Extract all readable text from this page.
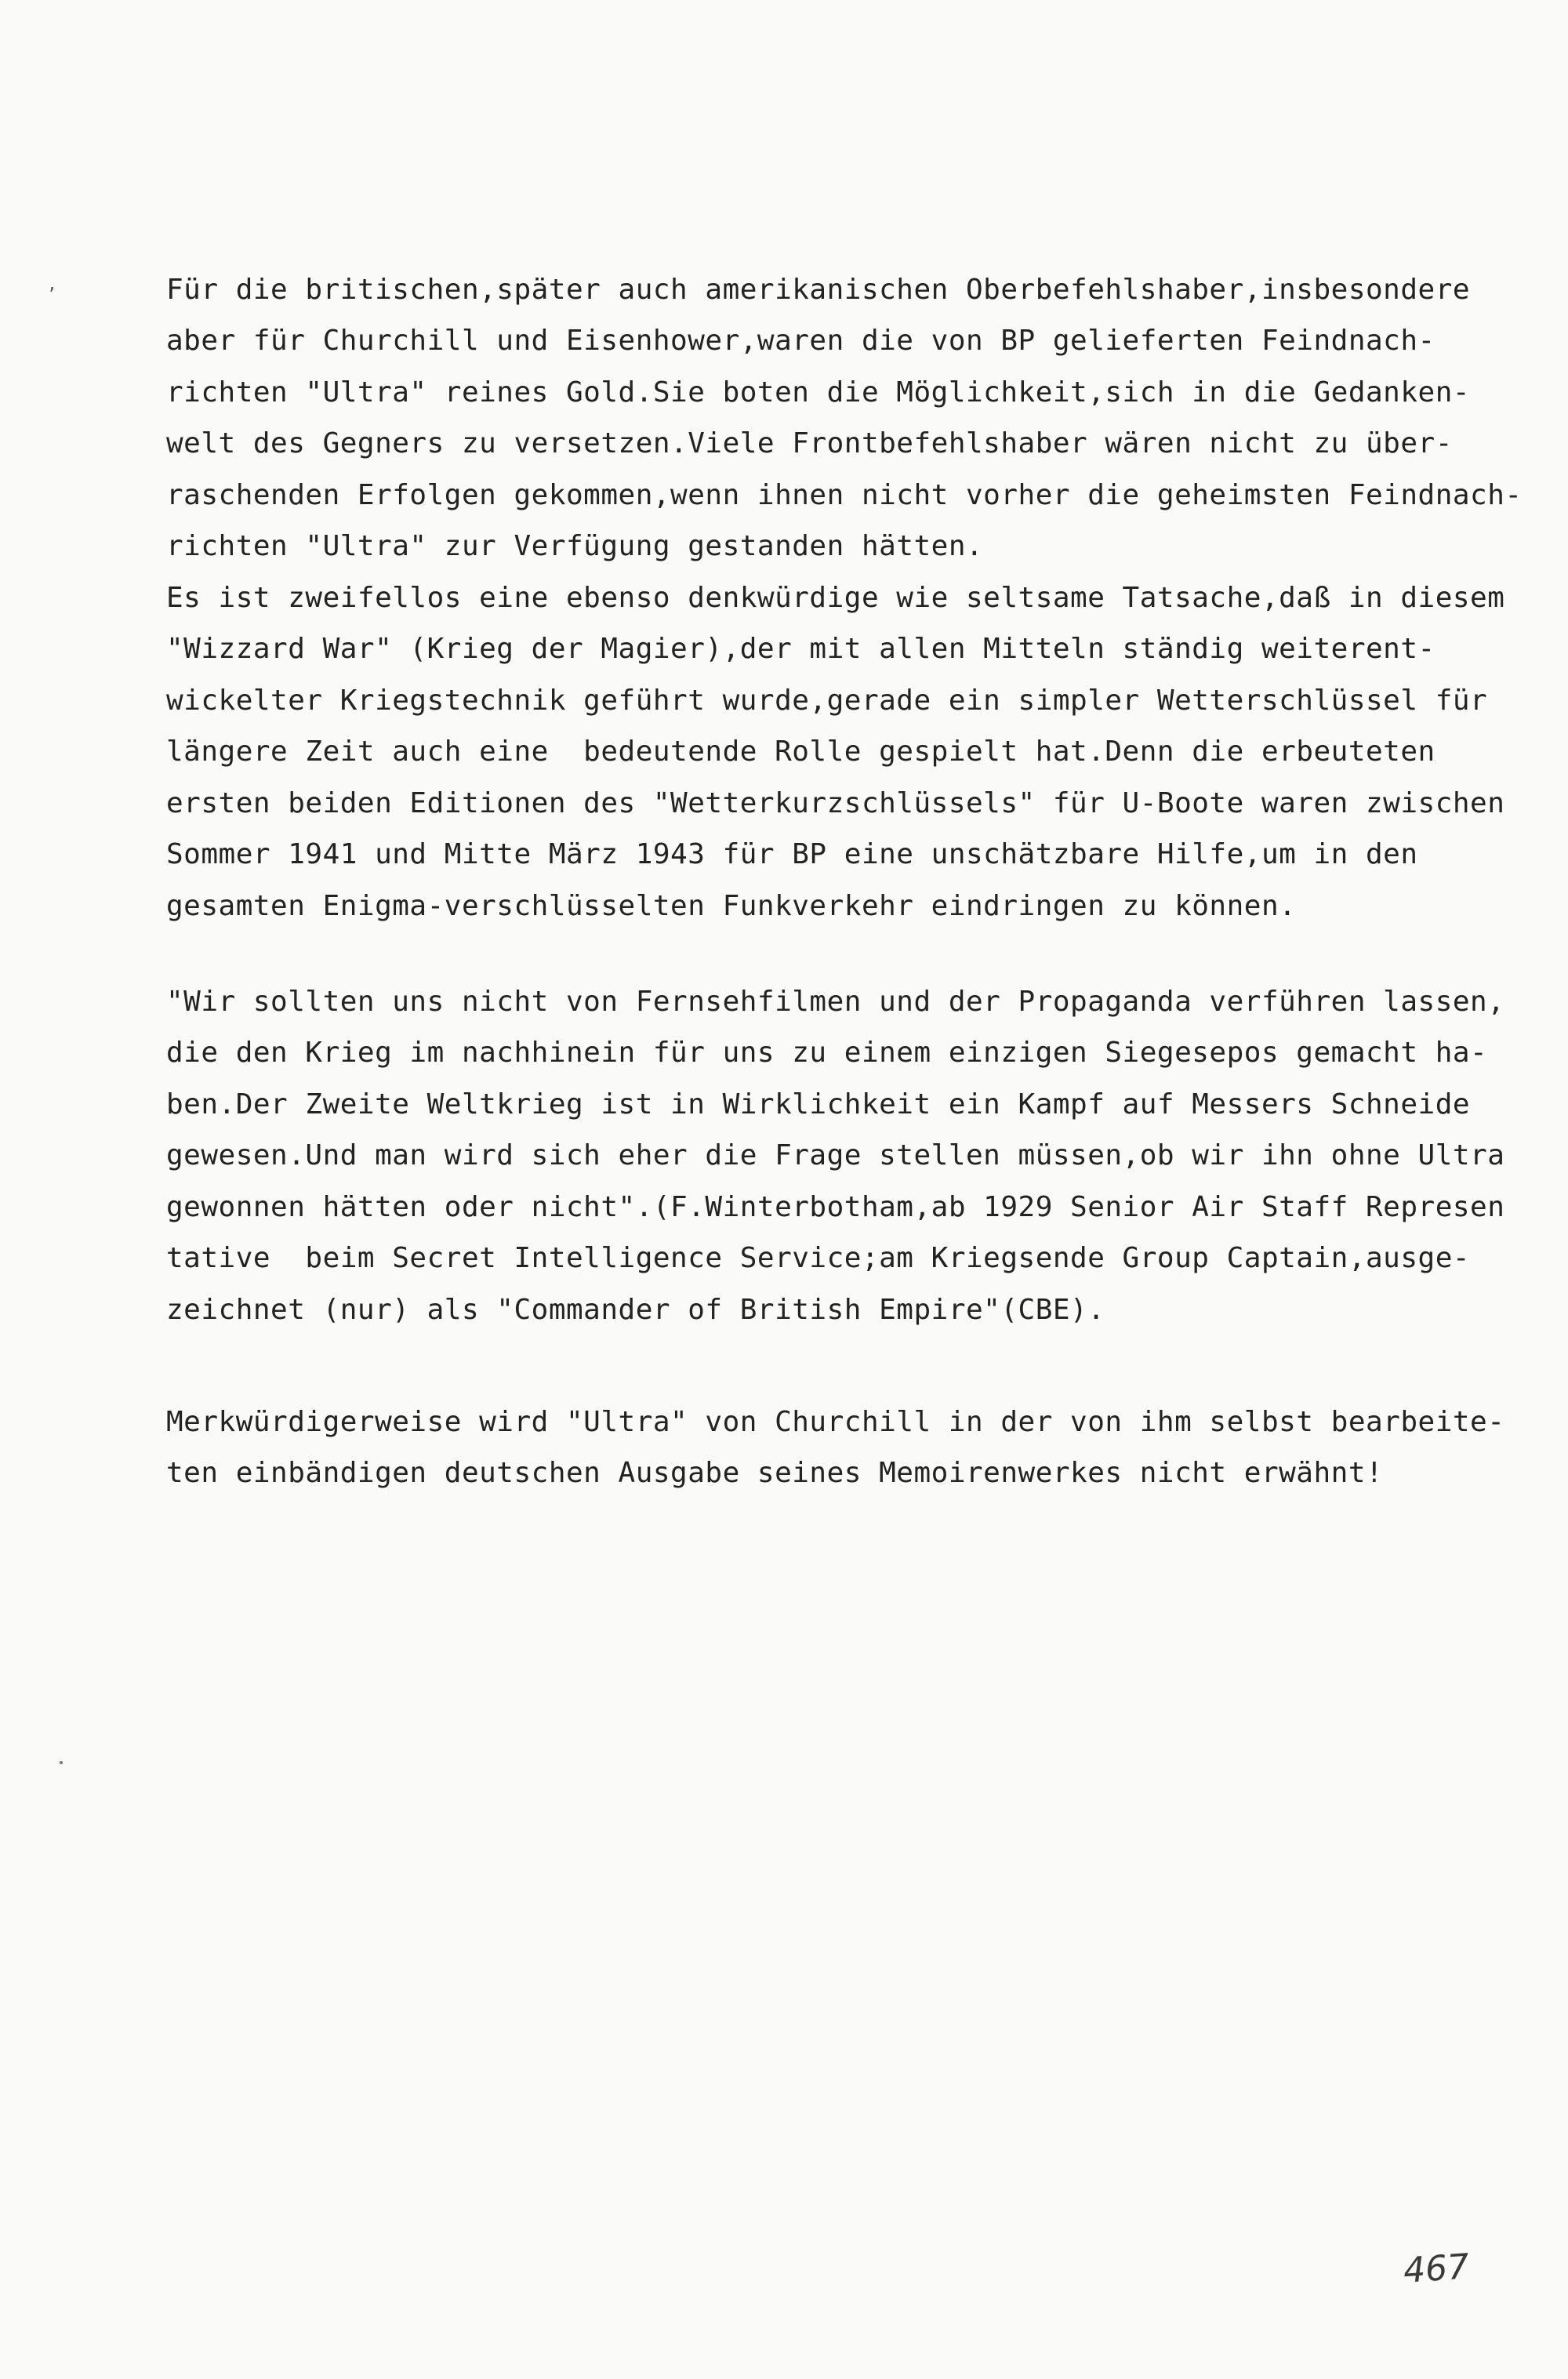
’	Für die britischen,später auch amerikanischen Oberbefehlshaber,insbesondere
aber für Churchill und Eisenhower,waren die von BP gelieferten Feindnach-
richten "Ultra" reines Gold.Sie boten die Möglichkeit,sich in die Gedanken-
welt des Gegners zu versetzen.Viele Frontbefehlshaber wären nicht zu über-
raschenden Erfolgen gekommen,wenn ihnen nicht vorher die geheimsten Feindnach-
richten "Ultra" zur Verfügung gestanden hätten.
Es ist zweifellos eine ebenso denkwürdige wie seltsame Tatsache,daß in diesem
"Wizzard War" (Krieg der Magier),der mit allen Mitteln ständig weiterent-
wickelter Kriegstechnik geführt wurde,gerade ein simpler Wetterschlüssel für
längere Zeit auch eine  bedeutende Rolle gespielt hat.Denn die erbeuteten
ersten beiden Editionen des "Wetterkurzschlüssels" für U-Boote waren zwischen
Sommer 1941 und Mitte März 1943 für BP eine unschätzbare Hilfe,um in den
gesamten Enigma-verschlüsselten Funkverkehr eindringen zu können.
"Wir sollten uns nicht von Fernsehfilmen und der Propaganda verführen lassen,
die den Krieg im nachhinein für uns zu einem einzigen Siegesepos gemacht ha-
ben.Der Zweite Weltkrieg ist in Wirklichkeit ein Kampf auf Messers Schneide
gewesen.Und man wird sich eher die Frage stellen müssen,ob wir ihn ohne Ultra
gewonnen hätten oder nicht".(F.Winterbotham,ab 1929 Senior Air Staff Represen
tative  beim Secret Intelligence Service;am Kriegsende Group Captain,ausge-
zeichnet (nur) als "Commander of British Empire"(CBE).
Merkwürdigerweise wird "Ultra" von Churchill in der von ihm selbst bearbeite-
ten einbändigen deutschen Ausgabe seines Memoirenwerkes nicht erwähnt!
467
